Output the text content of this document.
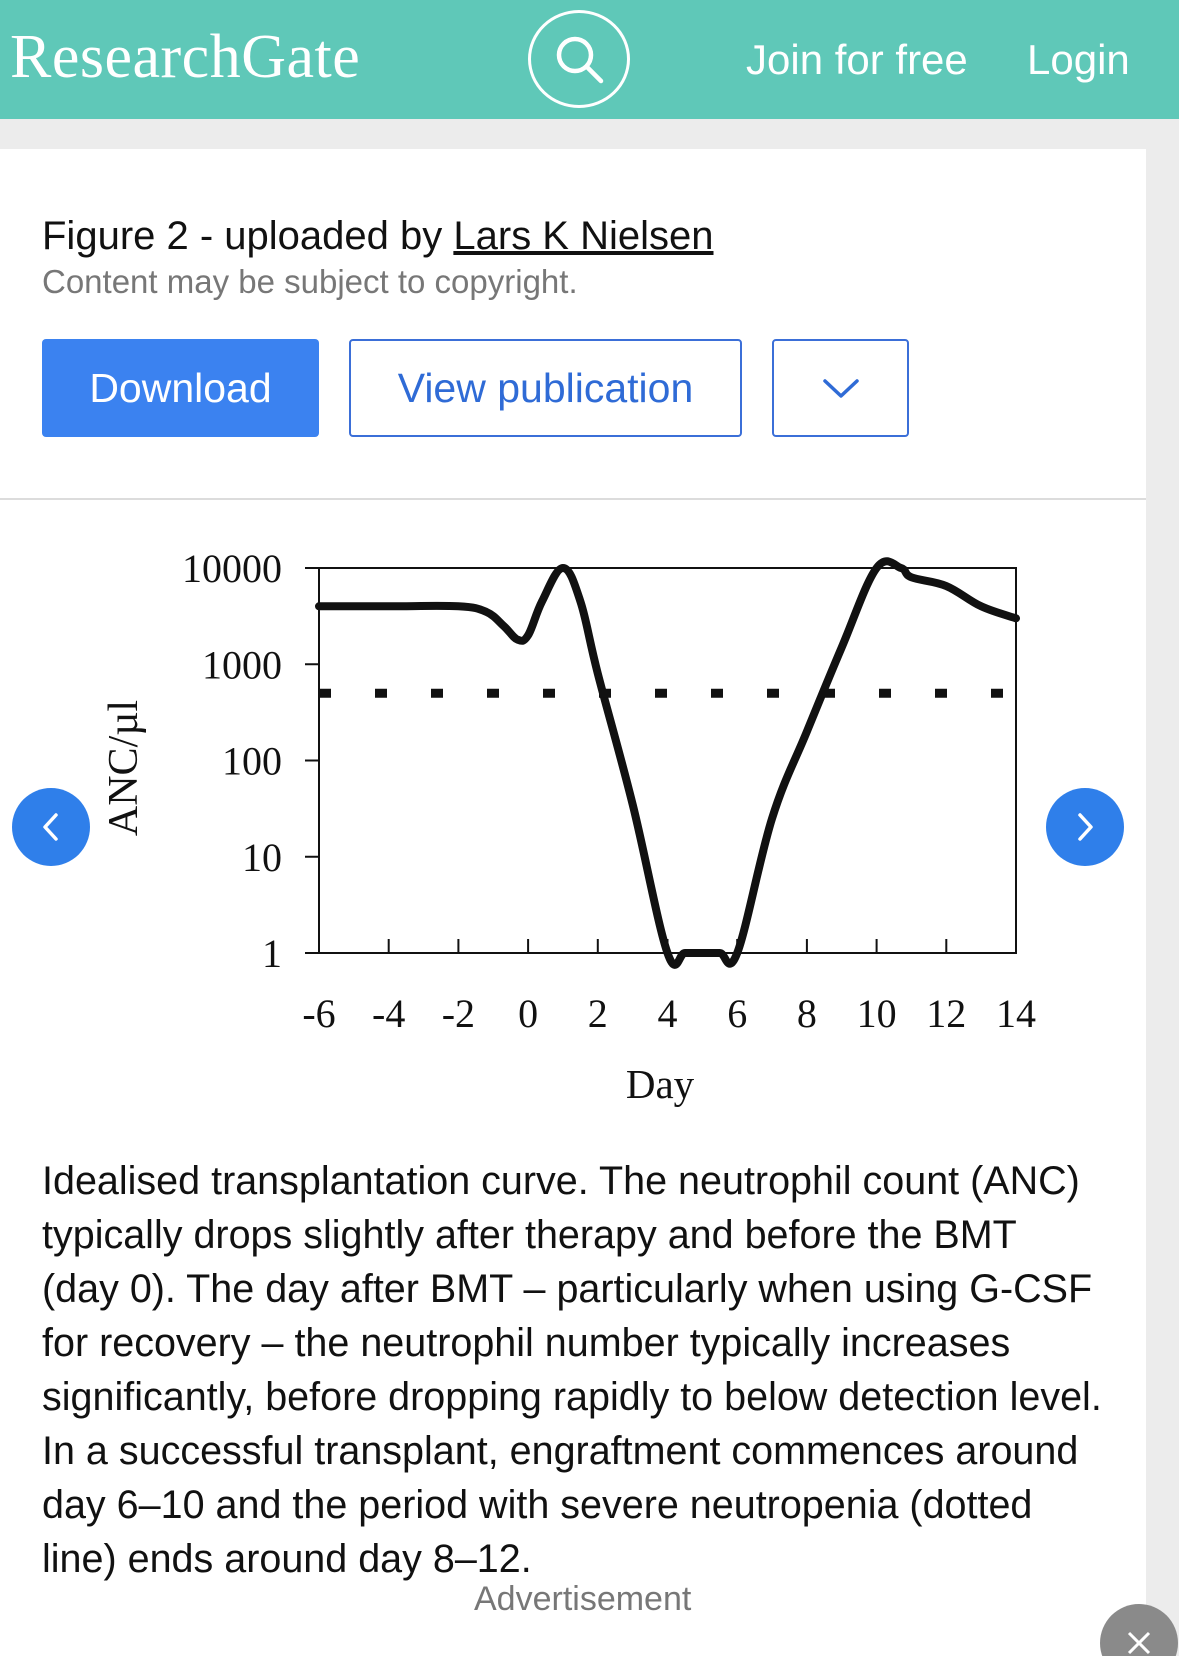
ResearchGate	Join for free Login
Figure 2 - uploaded by Lars K Nielsen
Content may be subject to copyright.
Download	View publication
1
10
100
1000
10000
-6 -4 -2 0 2 4 6 8 10 12 14
ANC/µl
Day
Idealised transplantation curve. The neutrophil count (ANC) typically drops slightly after therapy and before the BMT (day 0). The day after BMT – particularly when using G-CSF for recovery – the neutrophil number typically increases significantly, before dropping rapidly to below detection level. In a successful transplant, engraftment commences around day 6–10 and the period with severe neutropenia (dotted line) ends around day 8–12.
Advertisement
